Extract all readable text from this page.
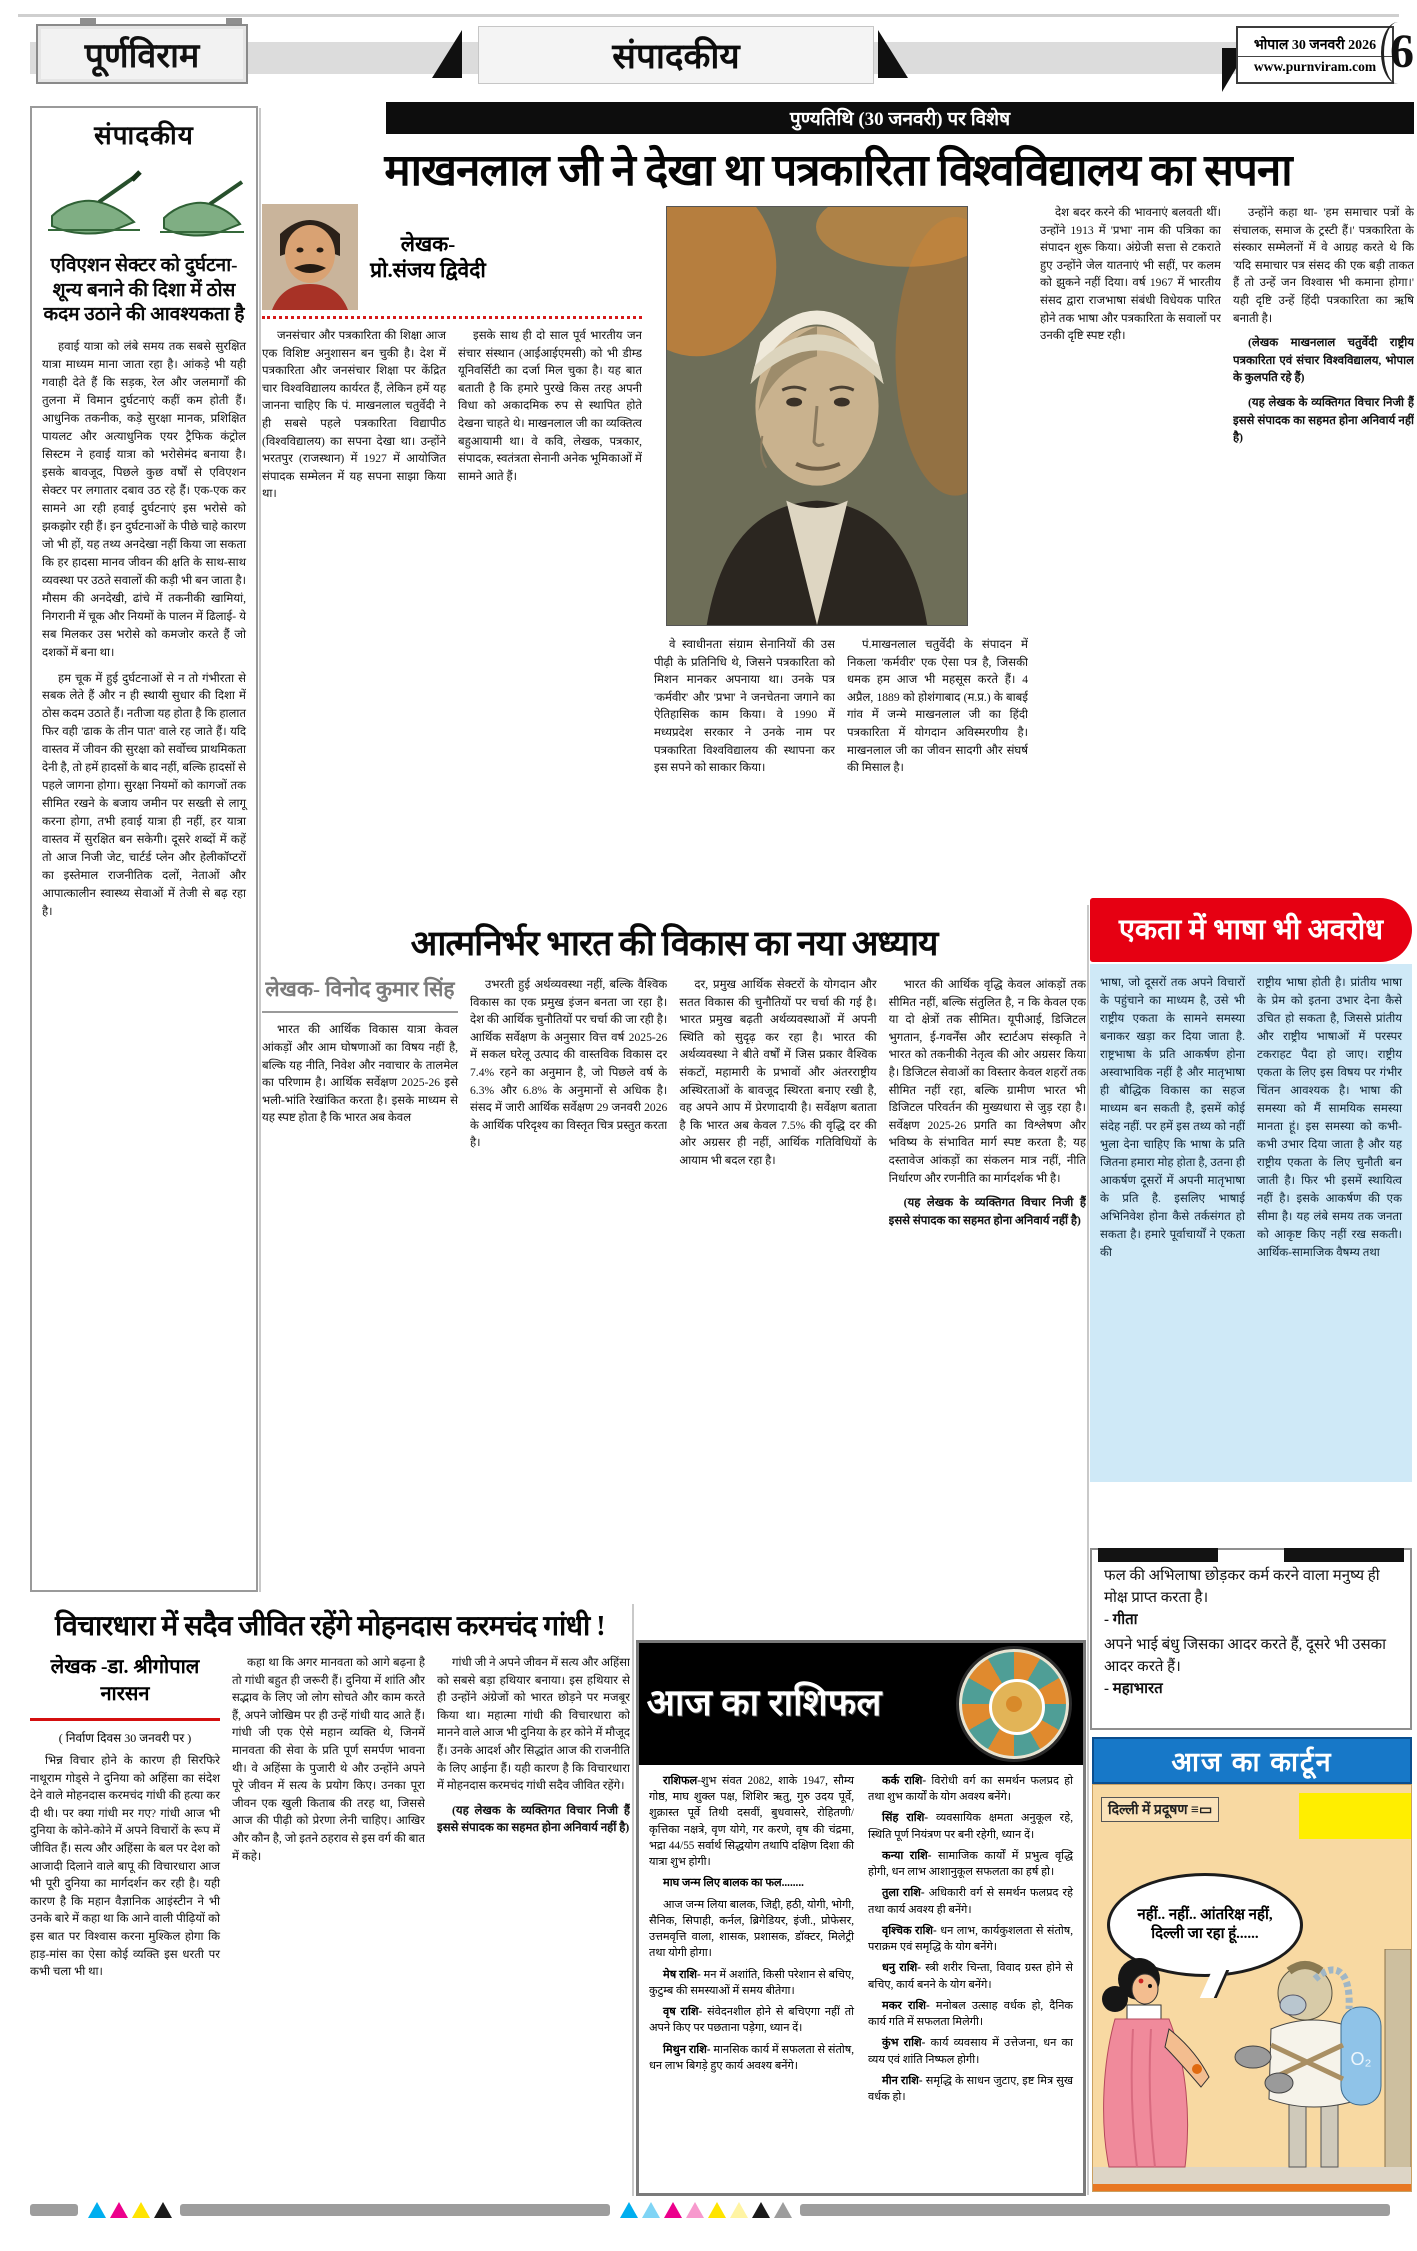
पूर्णविराम	संपादकीय	भोपाल 30 जनवरी 2026
www.purnviram.com 6
संपादकीय
एविएशन सेक्टर को दुर्घटना-शून्य बनाने की दिशा में ठोस कदम उठाने की आवश्यकता है

हवाई यात्रा को लंबे समय तक सबसे सुरक्षित यात्रा माध्यम माना जाता रहा है। आंकड़े भी यही गवाही देते हैं कि सड़क, रेल और जलमार्गों की तुलना में विमान दुर्घटनाएं कहीं कम होती हैं। आधुनिक तकनीक, कड़े सुरक्षा मानक, प्रशिक्षित पायलट और अत्याधुनिक एयर ट्रैफिक कंट्रोल सिस्टम ने हवाई यात्रा को भरोसेमंद बनाया है। इसके बावजूद, पिछले कुछ वर्षों से एविएशन सेक्टर पर लगातार दबाव उठ रहे हैं। एक-एक कर सामने आ रही हवाई दुर्घटनाएं इस भरोसे को झकझोर रही हैं। इन दुर्घटनाओं के पीछे चाहे कारण जो भी हों, यह तथ्य अनदेखा नहीं किया जा सकता कि हर हादसा मानव जीवन की क्षति के साथ-साथ व्यवस्था पर उठते सवालों की कड़ी भी बन जाता है। मौसम की अनदेखी, ढांचे में तकनीकी खामियां, निगरानी में चूक और नियमों के पालन में ढिलाई- ये सब मिलकर उस भरोसे को कमजोर करते हैं जो दशकों में बना था।

हम चूक में हुई दुर्घटनाओं से न तो गंभीरता से सबक लेते हैं और न ही स्थायी सुधार की दिशा में ठोस कदम उठाते हैं। नतीजा यह होता है कि हालात फिर वही 'ढाक के तीन पात' वाले रह जाते हैं। यदि वास्तव में जीवन की सुरक्षा को सर्वोच्च प्राथमिकता देनी है, तो हमें हादसों के बाद नहीं, बल्कि हादसों से पहले जागना होगा। सुरक्षा नियमों को कागजों तक सीमित रखने के बजाय जमीन पर सख्ती से लागू करना होगा, तभी हवाई यात्रा ही नहीं, हर यात्रा वास्तव में सुरक्षित बन सकेगी। दूसरे शब्दों में कहें तो आज निजी जेट, चार्टर्ड प्लेन और हेलीकॉप्टरों का इस्तेमाल राजनीतिक दलों, नेताओं और आपात्कालीन स्वास्थ्य सेवाओं में तेजी से बढ़ रहा है।

पुण्यतिथि (30 जनवरी) पर विशेष
माखनलाल जी ने देखा था पत्रकारिता विश्वविद्यालय का सपना
लेखक- प्रो.संजय द्विवेदी

जनसंचार और पत्रकारिता की शिक्षा आज एक विशिष्ट अनुशासन बन चुकी है। देश में पत्रकारिता और जनसंचार शिक्षा पर केंद्रित चार विश्वविद्यालय कार्यरत हैं, लेकिन हमें यह जानना चाहिए कि पं. माखनलाल चतुर्वेदी ने ही सबसे पहले पत्रकारिता विद्यापीठ (विश्वविद्यालय) का सपना देखा था। उन्होंने भरतपुर (राजस्थान) में 1927 में आयोजित संपादक सम्मेलन में यह सपना साझा किया था।

इसके साथ ही दो साल पूर्व भारतीय जन संचार संस्थान (आईआईएमसी) को भी डीम्ड यूनिवर्सिटी का दर्जा मिल चुका है। यह बात बताती है कि हमारे पुरखे किस तरह अपनी विधा को अकादमिक रुप से स्थापित होते देखना चाहते थे। माखनलाल जी का व्यक्तित्व बहुआयामी था। वे कवि, लेखक, पत्रकार, संपादक, स्वतंत्रता सेनानी अनेक भूमिकाओं में सामने आते हैं।

वे स्वाधीनता संग्राम सेनानियों की उस पीढ़ी के प्रतिनिधि थे, जिसने पत्रकारिता को मिशन मानकर अपनाया था। उनके पत्र 'कर्मवीर' और 'प्रभा' ने जनचेतना जगाने का ऐतिहासिक काम किया। वे 1990 में मध्यप्रदेश सरकार ने उनके नाम पर पत्रकारिता विश्वविद्यालय की स्थापना कर इस सपने को साकार किया।

पं.माखनलाल चतुर्वेदी के संपादन में निकला 'कर्मवीर' एक ऐसा पत्र है, जिसकी धमक हम आज भी महसूस करते हैं। 4 अप्रैल, 1889 को होशंगाबाद (म.प्र.) के बाबई गांव में जन्मे माखनलाल जी का हिंदी पत्रकारिता में योगदान अविस्मरणीय है। माखनलाल जी का जीवन सादगी और संघर्ष की मिसाल है।

देश बदर करने की भावनाएं बलवती थीं। उन्होंने 1913 में 'प्रभा' नाम की पत्रिका का संपादन शुरू किया। अंग्रेजी सत्ता से टकराते हुए उन्होंने जेल यातनाएं भी सहीं, पर कलम को झुकने नहीं दिया। वर्ष 1967 में भारतीय संसद द्वारा राजभाषा संबंधी विधेयक पारित होने तक भाषा और पत्रकारिता के सवालों पर उनकी दृष्टि स्पष्ट रही।

उन्होंने कहा था- 'हम समाचार पत्रों के संचालक, समाज के ट्रस्टी हैं।' पत्रकारिता के संस्कार सम्मेलनों में वे आग्रह करते थे कि 'यदि समाचार पत्र संसद की एक बड़ी ताकत हैं तो उन्हें जन विश्वास भी कमाना होगा।' यही दृष्टि उन्हें हिंदी पत्रकारिता का ऋषि बनाती है।

(लेखक माखनलाल चतुर्वेदी राष्ट्रीय पत्रकारिता एवं संचार विश्वविद्यालय, भोपाल के कुलपति रहे हैं)

(यह लेखक के व्यक्तिगत विचार निजी हैं इससे संपादक का सहमत होना अनिवार्य नहीं है)

आत्मनिर्भर भारत की विकास का नया अध्याय
लेखक- विनोद कुमार सिंह

भारत की आर्थिक विकास यात्रा केवल आंकड़ों और आम घोषणाओं का विषय नहीं है, बल्कि यह नीति, निवेश और नवाचार के तालमेल का परिणाम है। आर्थिक सर्वेक्षण 2025-26 इसे भली-भांति रेखांकित करता है। इसके माध्यम से यह स्पष्ट होता है कि भारत अब केवल

उभरती हुई अर्थव्यवस्था नहीं, बल्कि वैश्विक विकास का एक प्रमुख इंजन बनता जा रहा है। देश की आर्थिक चुनौतियों पर चर्चा की जा रही है। आर्थिक सर्वेक्षण के अनुसार वित्त वर्ष 2025-26 में सकल घरेलू उत्पाद की वास्तविक विकास दर 7.4% रहने का अनुमान है, जो पिछले वर्ष के 6.3% और 6.8% के अनुमानों से अधिक है। संसद में जारी आर्थिक सर्वेक्षण 29 जनवरी 2026 के आर्थिक परिदृश्य का विस्तृत चित्र प्रस्तुत करता है।

दर, प्रमुख आर्थिक सेक्टरों के योगदान और सतत विकास की चुनौतियों पर चर्चा की गई है। भारत प्रमुख बढ़ती अर्थव्यवस्थाओं में अपनी स्थिति को सुदृढ़ कर रहा है। भारत की अर्थव्यवस्था ने बीते वर्षों में जिस प्रकार वैश्विक संकटों, महामारी के प्रभावों और अंतरराष्ट्रीय अस्थिरताओं के बावजूद स्थिरता बनाए रखी है, वह अपने आप में प्रेरणादायी है। सर्वेक्षण बताता है कि भारत अब केवल 7.5% की वृद्धि दर की ओर अग्रसर ही नहीं, आर्थिक गतिविधियों के आयाम भी बदल रहा है।

भारत की आर्थिक वृद्धि केवल आंकड़ों तक सीमित नहीं, बल्कि संतुलित है, न कि केवल एक या दो क्षेत्रों तक सीमित। यूपीआई, डिजिटल भुगतान, ई-गवर्नेंस और स्टार्टअप संस्कृति ने भारत को तकनीकी नेतृत्व की ओर अग्रसर किया है। डिजिटल सेवाओं का विस्तार केवल शहरों तक सीमित नहीं रहा, बल्कि ग्रामीण भारत भी डिजिटल परिवर्तन की मुख्यधारा से जुड़ रहा है। सर्वेक्षण 2025-26 प्रगति का विश्लेषण और भविष्य के संभावित मार्ग स्पष्ट करता है; यह दस्तावेज आंकड़ों का संकलन मात्र नहीं, नीति निर्धारण और रणनीति का मार्गदर्शक भी है।

(यह लेखक के व्यक्तिगत विचार निजी हैं इससे संपादक का सहमत होना अनिवार्य नहीं है)

एकता में भाषा भी अवरोध

भाषा, जो दूसरों तक अपने विचारों के पहुंचाने का माध्यम है, उसे भी राष्ट्रीय एकता के सामने समस्या बनाकर खड़ा कर दिया जाता है. राष्ट्रभाषा के प्रति आकर्षण होना अस्वाभाविक नहीं है और मातृभाषा ही बौद्धिक विकास का सहज माध्यम बन सकती है, इसमें कोई संदेह नहीं. पर हमें इस तथ्य को नहीं भुला देना चाहिए कि भाषा के प्रति जितना हमारा मोह होता है, उतना ही आकर्षण दूसरों में अपनी मातृभाषा के प्रति है. इसलिए भाषाई अभिनिवेश होना कैसे तर्कसंगत हो सकता है। हमारे पूर्वाचार्यों ने एकता की

राष्ट्रीय भाषा होती है। प्रांतीय भाषा के प्रेम को इतना उभार देना कैसे उचित हो सकता है, जिससे प्रांतीय और राष्ट्रीय भाषाओं में परस्पर टकराहट पैदा हो जाए। राष्ट्रीय एकता के लिए इस विषय पर गंभीर चिंतन आवश्यक है। भाषा की समस्या को मैं सामयिक समस्या मानता हूं। इस समस्या को कभी-कभी उभार दिया जाता है और यह राष्ट्रीय एकता के लिए चुनौती बन जाती है। फिर भी इसमें स्थायित्व नहीं है। इसके आकर्षण की एक सीमा है। यह लंबे समय तक जनता को आकृष्ट किए नहीं रख सकती। आर्थिक-सामाजिक वैषम्य तथा

फल की अभिलाषा छोड़कर कर्म करने वाला मनुष्य ही मोक्ष प्राप्त करता है।

- गीता

अपने भाई बंधु जिसका आदर करते हैं, दूसरे भी उसका आदर करते हैं।

- महाभारत

आज का कार्टून
दिल्ली में प्रदूषण ≡▭
नहीं.. नहीं.. आंतरिक्ष नहीं, दिल्ली जा रहा हूं......
O₂
विचारधारा में सदैव जीवित रहेंगे मोहनदास करमचंद गांधी !
लेखक -डा. श्रीगोपाल नारसन
( निर्वाण दिवस 30 जनवरी पर )

भिन्न विचार होने के कारण ही सिरफिरे नाथूराम गोड्से ने दुनिया को अहिंसा का संदेश देने वाले मोहनदास करमचंद गांधी की हत्या कर दी थी। पर क्या गांधी मर गए? गांधी आज भी दुनिया के कोने-कोने में अपने विचारों के रूप में जीवित हैं। सत्य और अहिंसा के बल पर देश को आजादी दिलाने वाले बापू की विचारधारा आज भी पूरी दुनिया का मार्गदर्शन कर रही है। यही कारण है कि महान वैज्ञानिक आइंस्टीन ने भी उनके बारे में कहा था कि आने वाली पीढ़ियों को इस बात पर विश्वास करना मुश्किल होगा कि हाड़-मांस का ऐसा कोई व्यक्ति इस धरती पर कभी चला भी था।

कहा था कि अगर मानवता को आगे बढ़ना है तो गांधी बहुत ही जरूरी हैं। दुनिया में शांति और सद्भाव के लिए जो लोग सोचते और काम करते हैं, अपने जोखिम पर ही उन्हें गांधी याद आते हैं। गांधी जी एक ऐसे महान व्यक्ति थे, जिनमें मानवता की सेवा के प्रति पूर्ण समर्पण भावना थी। वे अहिंसा के पुजारी थे और उन्होंने अपने पूरे जीवन में सत्य के प्रयोग किए। उनका पूरा जीवन एक खुली किताब की तरह था, जिससे आज की पीढ़ी को प्रेरणा लेनी चाहिए। आखिर और कौन है, जो इतने ठहराव से इस वर्ग की बात में कहे।

गांधी जी ने अपने जीवन में सत्य और अहिंसा को सबसे बड़ा हथियार बनाया। इस हथियार से ही उन्होंने अंग्रेजों को भारत छोड़ने पर मजबूर किया था। महात्मा गांधी की विचारधारा को मानने वाले आज भी दुनिया के हर कोने में मौजूद हैं। उनके आदर्श और सिद्धांत आज की राजनीति के लिए आईना हैं। यही कारण है कि विचारधारा में मोहनदास करमचंद गांधी सदैव जीवित रहेंगे।

(यह लेखक के व्यक्तिगत विचार निजी हैं इससे संपादक का सहमत होना अनिवार्य नहीं है)

आज का राशिफल

राशिफल-शुभ संवत 2082, शाके 1947, सौम्य गोष्ठ, माघ शुक्ल पक्ष, शिशिर ऋतु, गुरु उदय पूर्वे, शुक्रास्त पूर्वे तिथी दसवीं, बुधवासरे, रोहितणी/कृत्तिका नक्षत्रे, वृण योगे, गर करणे, वृष की चंद्रमा, भद्रा 44/55 सर्वार्थ सिद्धयोग तथापि दक्षिण दिशा की यात्रा शुभ होगी।

माघ जन्म लिए बालक का फल........

आज जन्म लिया बालक, जिद्दी, हठी, योगी, भोगी, सैनिक, सिपाही, कर्नल, ब्रिगेडियर, इंजी., प्रोफेसर, उत्तमवृत्ति वाला, शासक, प्रशासक, डॉक्टर, मिलेट्री तथा योगी होगा।

मेष राशि- मन में अशांति, किसी परेशान से बचिए, कुटुम्ब की समस्याओं में समय बीतेगा।

वृष राशि- संवेदनशील होने से बचिएगा नहीं तो अपने किए पर पछताना पड़ेगा, ध्यान दें।

मिथुन राशि- मानसिक कार्य में सफलता से संतोष, धन लाभ बिगड़े हुए कार्य अवश्य बनेंगे।

कर्क राशि- विरोधी वर्ग का समर्थन फलप्रद हो तथा शुभ कार्यों के योग अवश्य बनेंगे।

सिंह राशि- व्यवसायिक क्षमता अनुकूल रहे, स्थिति पूर्ण नियंत्रण पर बनी रहेगी, ध्यान दें।

कन्या राशि- सामाजिक कार्यों में प्रभुत्व वृद्धि होगी, धन लाभ आशानुकूल सफलता का हर्ष हो।

तुला राशि- अधिकारी वर्ग से समर्थन फलप्रद रहे तथा कार्य अवश्य ही बनेंगे।

वृश्चिक राशि- धन लाभ, कार्यकुशलता से संतोष, पराक्रम एवं समृद्धि के योग बनेंगे।

धनु राशि- स्त्री शरीर चिन्ता, विवाद ग्रस्त होने से बचिए, कार्य बनने के योग बनेंगे।

मकर राशि- मनोबल उत्साह वर्धक हो, दैनिक कार्य गति में सफलता मिलेगी।

कुंभ राशि- कार्य व्यवसाय में उत्तेजना, धन का व्यय एवं शांति निष्फल होगी।

मीन राशि- समृद्धि के साधन जुटाए, इष्ट मित्र सुख वर्धक हो।
